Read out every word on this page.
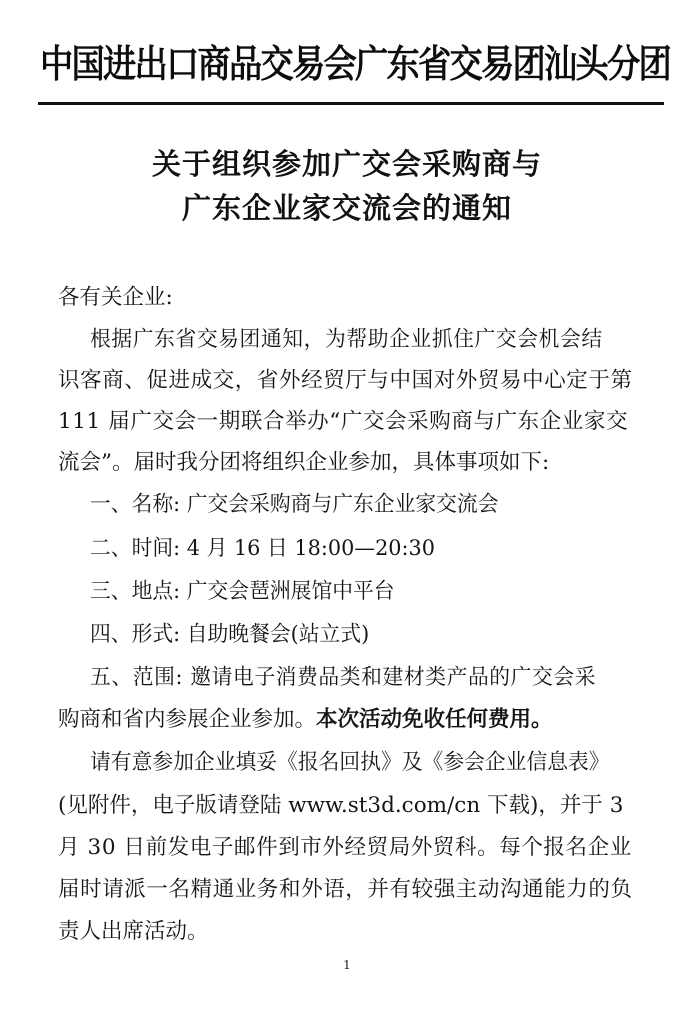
中国进出口商品交易会广东省交易团汕头分团
关于组织参加广交会采购商与
广东企业家交流会的通知
各有关企业:
根据广东省交易团通知，为帮助企业抓住广交会机会结
识客商、促进成交，省外经贸厅与中国对外贸易中心定于第
111 届广交会一期联合举办“广交会采购商与广东企业家交
流会”。届时我分团将组织企业参加，具体事项如下:
一、名称: 广交会采购商与广东企业家交流会
二、时间: 4 月 16 日 18:00—20:30
三、地点: 广交会琶洲展馆中平台
四、形式: 自助晚餐会(站立式)
五、范围: 邀请电子消费品类和建材类产品的广交会采
购商和省内参展企业参加。本次活动免收任何费用。
请有意参加企业填妥《报名回执》及《参会企业信息表》
(见附件，电子版请登陆 www.st3d.com/cn 下载)，并于 3
月 30 日前发电子邮件到市外经贸局外贸科。每个报名企业
届时请派一名精通业务和外语，并有较强主动沟通能力的负
责人出席活动。
1
